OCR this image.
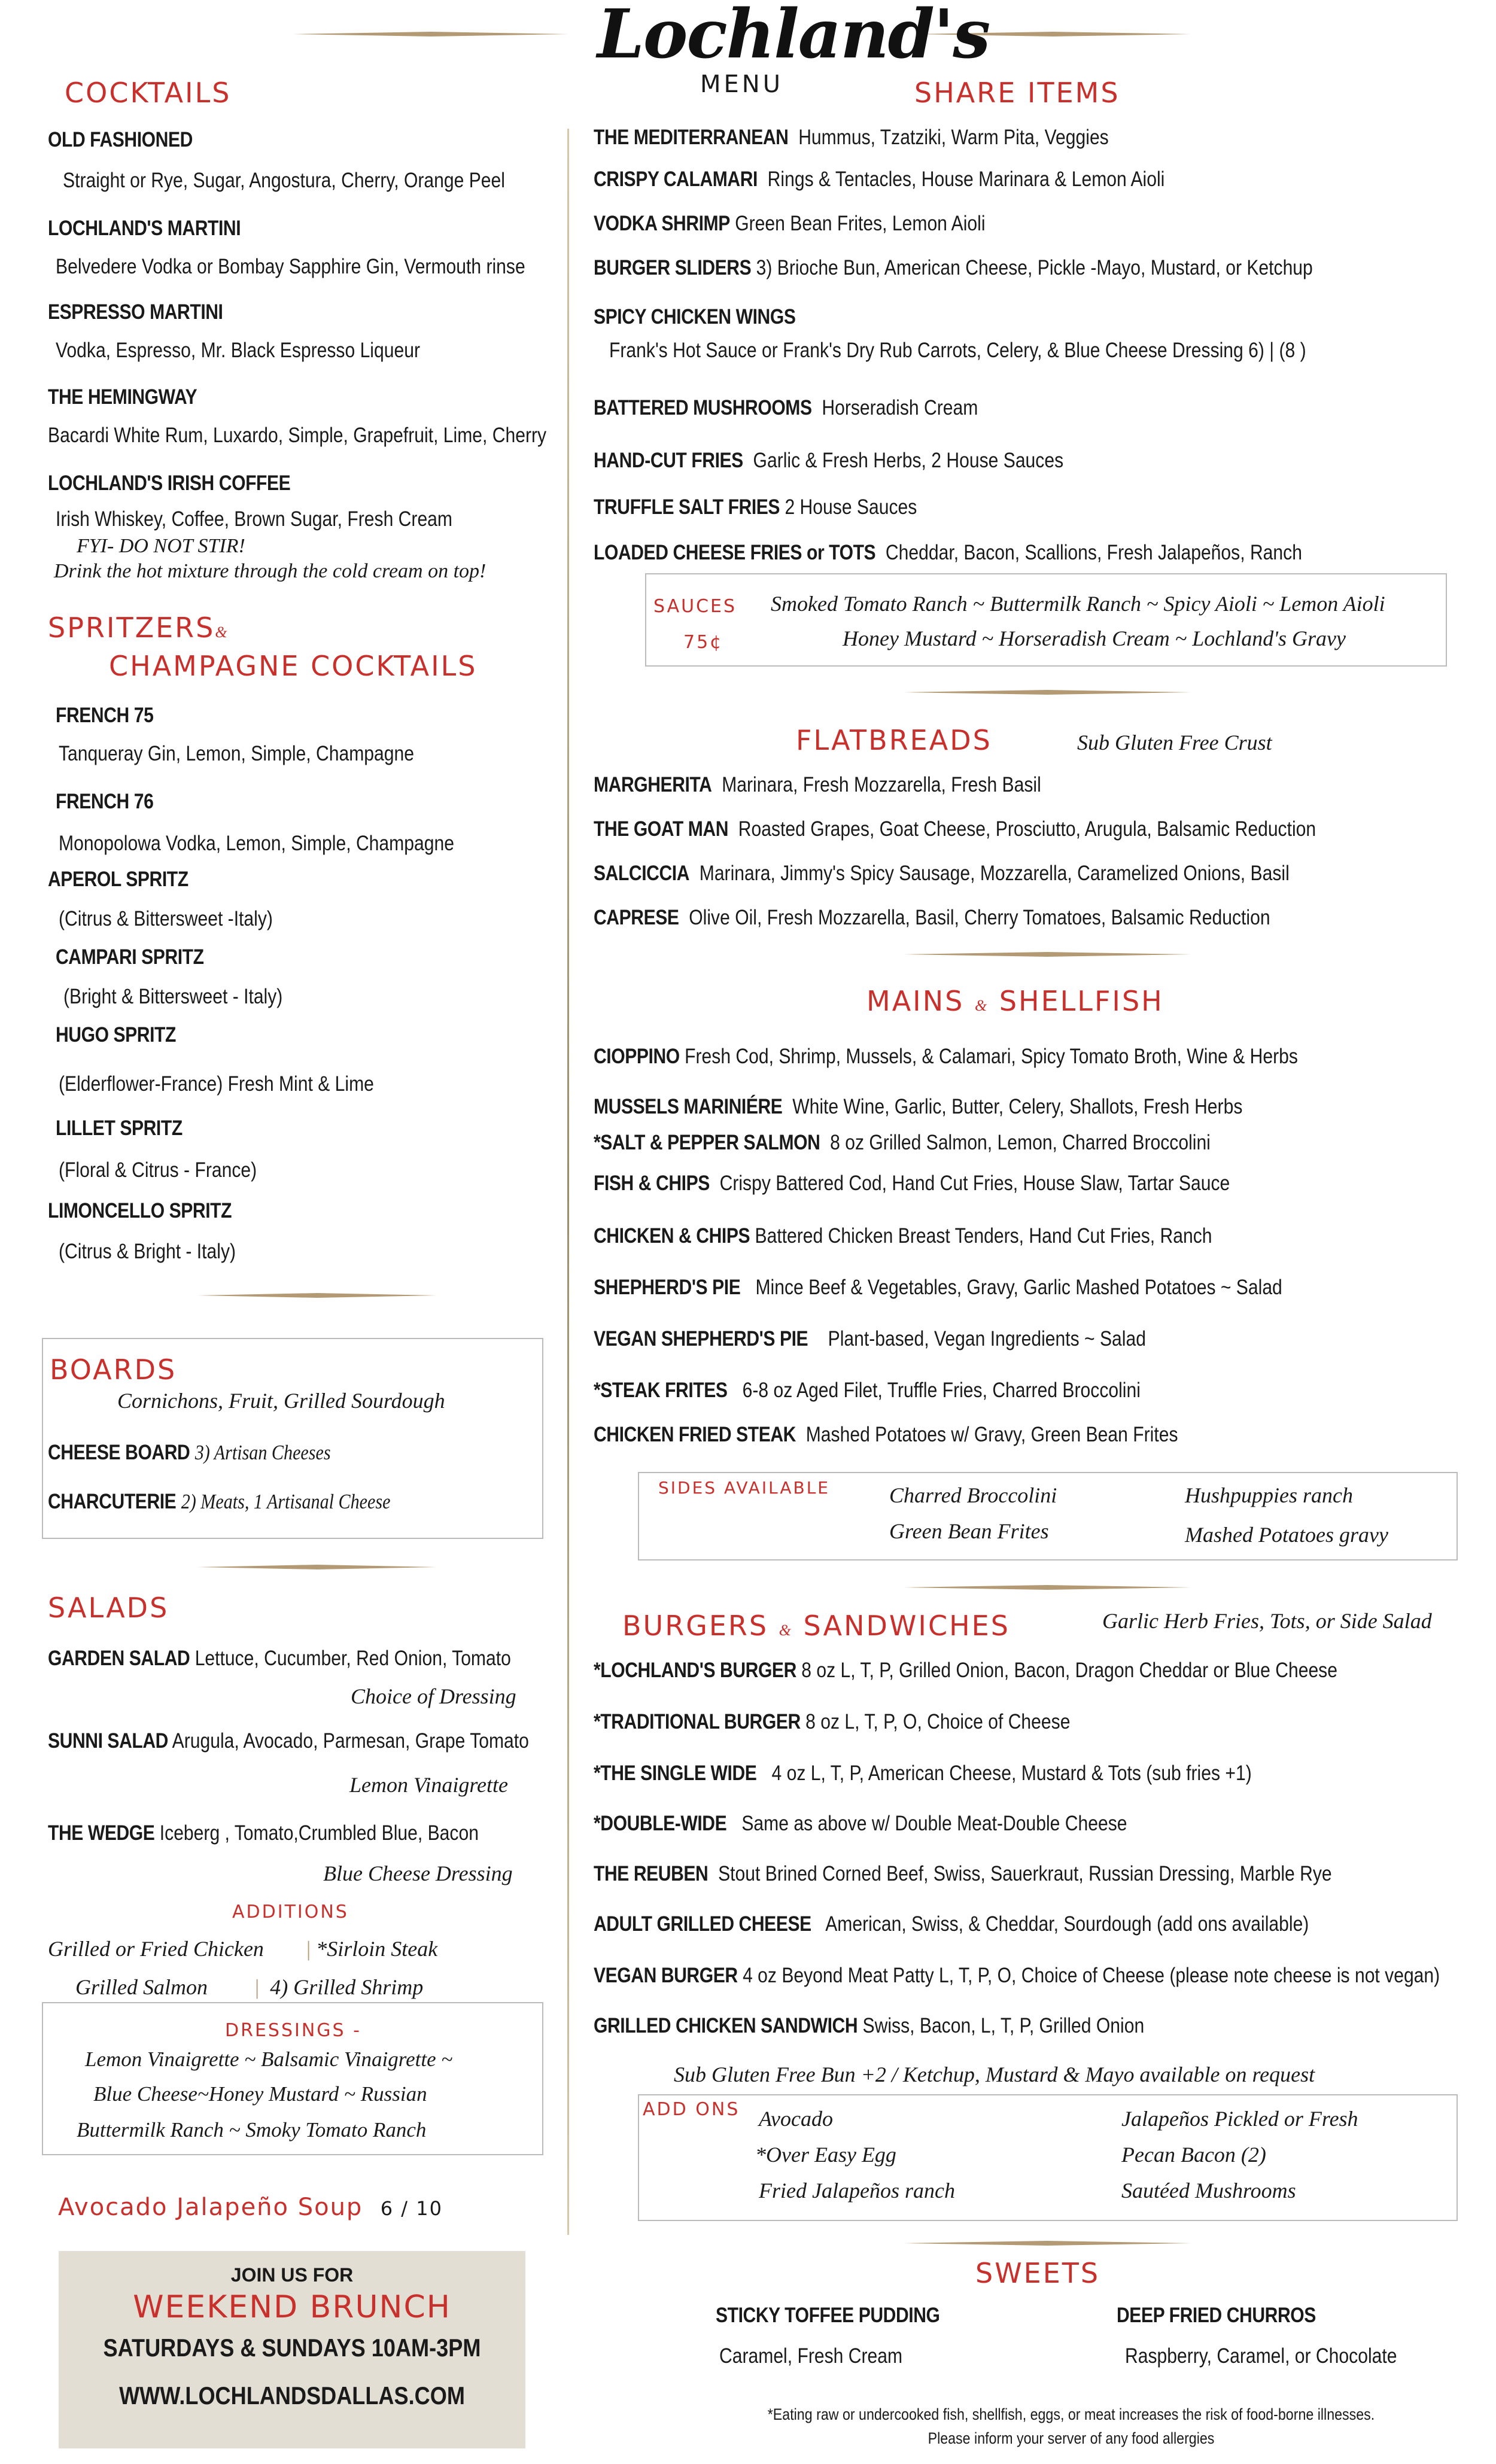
Lochland's
MENU
COCKTAILS
OLD FASHIONED
Straight or Rye, Sugar, Angostura, Cherry, Orange Peel
LOCHLAND'S MARTINI
Belvedere Vodka or Bombay Sapphire Gin, Vermouth rinse
ESPRESSO MARTINI
Vodka, Espresso, Mr. Black Espresso Liqueur
THE HEMINGWAY
Bacardi White Rum, Luxardo, Simple, Grapefruit, Lime, Cherry
LOCHLAND'S IRISH COFFEE
Irish Whiskey, Coffee, Brown Sugar, Fresh Cream
FYI- DO NOT STIR!
Drink the hot mixture through the cold cream on top!
SPRITZERS&
CHAMPAGNE COCKTAILS
FRENCH 75
Tanqueray Gin, Lemon, Simple, Champagne
FRENCH 76
Monopolowa Vodka, Lemon, Simple, Champagne
APEROL SPRITZ
(Citrus & Bittersweet -Italy)
CAMPARI SPRITZ
(Bright & Bittersweet - Italy)
HUGO SPRITZ
(Elderflower-France) Fresh Mint & Lime
LILLET SPRITZ
(Floral & Citrus - France)
LIMONCELLO SPRITZ
(Citrus & Bright - Italy)
BOARDS
Cornichons, Fruit, Grilled Sourdough
CHEESE BOARD 3) Artisan Cheeses
CHARCUTERIE 2) Meats, 1 Artisanal Cheese
SALADS
GARDEN SALAD Lettuce, Cucumber, Red Onion, Tomato
Choice of Dressing
SUNNI SALAD Arugula, Avocado, Parmesan, Grape Tomato
Lemon Vinaigrette
THE WEDGE Iceberg , Tomato,Crumbled Blue, Bacon
Blue Cheese Dressing
ADDITIONS
Grilled or Fried Chicken | *Sirloin Steak
Grilled Salmon |  4) Grilled Shrimp
DRESSINGS -
Lemon Vinaigrette ~ Balsamic Vinaigrette ~
Blue Cheese~Honey Mustard ~ Russian
Buttermilk Ranch ~ Smoky Tomato Ranch
Avocado Jalapeño Soup 6 / 10
JOIN US FOR
WEEKEND BRUNCH
SATURDAYS & SUNDAYS 10AM-3PM
WWW.LOCHLANDSDALLAS.COM
SHARE ITEMS
THE MEDITERRANEAN Hummus, Tzatziki, Warm Pita, Veggies
CRISPY CALAMARI Rings & Tentacles, House Marinara & Lemon Aioli
VODKA SHRIMP Green Bean Frites, Lemon Aioli
BURGER SLIDERS 3) Brioche Bun, American Cheese, Pickle -Mayo, Mustard, or Ketchup
SPICY CHICKEN WINGS
Frank's Hot Sauce or Frank's Dry Rub Carrots, Celery, & Blue Cheese Dressing 6) | (8 )
BATTERED MUSHROOMS Horseradish Cream
HAND-CUT FRIES Garlic & Fresh Herbs, 2 House Sauces
TRUFFLE SALT FRIES 2 House Sauces
LOADED CHEESE FRIES or TOTS Cheddar, Bacon, Scallions, Fresh Jalapeños, Ranch
SAUCES
75¢
Smoked Tomato Ranch ~ Buttermilk Ranch ~ Spicy Aioli ~ Lemon Aioli
Honey Mustard ~ Horseradish Cream ~ Lochland's Gravy
FLATBREADS	Sub Gluten Free Crust
MARGHERITA Marinara, Fresh Mozzarella, Fresh Basil
THE GOAT MAN Roasted Grapes, Goat Cheese, Prosciutto, Arugula, Balsamic Reduction
SALCICCIA Marinara, Jimmy's Spicy Sausage, Mozzarella, Caramelized Onions, Basil
CAPRESE Olive Oil, Fresh Mozzarella, Basil, Cherry Tomatoes, Balsamic Reduction
MAINS & SHELLFISH
CIOPPINO Fresh Cod, Shrimp, Mussels, & Calamari, Spicy Tomato Broth, Wine & Herbs
MUSSELS MARINIÉRE White Wine, Garlic, Butter, Celery, Shallots, Fresh Herbs
*SALT & PEPPER SALMON 8 oz Grilled Salmon, Lemon, Charred Broccolini
FISH & CHIPS Crispy Battered Cod, Hand Cut Fries, House Slaw, Tartar Sauce
CHICKEN & CHIPS Battered Chicken Breast Tenders, Hand Cut Fries, Ranch
SHEPHERD'S PIE Mince Beef & Vegetables, Gravy, Garlic Mashed Potatoes ~ Salad
VEGAN SHEPHERD'S PIE Plant-based, Vegan Ingredients ~ Salad
*STEAK FRITES 6-8 oz Aged Filet, Truffle Fries, Charred Broccolini
CHICKEN FRIED STEAK Mashed Potatoes w/ Gravy, Green Bean Frites
SIDES AVAILABLE	Charred Broccolini
Green Bean Frites
Hushpuppies ranch
Mashed Potatoes gravy
BURGERS & SANDWICHES	Garlic Herb Fries, Tots, or Side Salad
*LOCHLAND'S BURGER 8 oz L, T, P, Grilled Onion, Bacon, Dragon Cheddar or Blue Cheese
*TRADITIONAL BURGER 8 oz L, T, P, O, Choice of Cheese
*THE SINGLE WIDE 4 oz L, T, P, American Cheese, Mustard & Tots (sub fries +1)
*DOUBLE-WIDE Same as above w/ Double Meat-Double Cheese
THE REUBEN Stout Brined Corned Beef, Swiss, Sauerkraut, Russian Dressing, Marble Rye
ADULT GRILLED CHEESE American, Swiss, & Cheddar, Sourdough (add ons available)
VEGAN BURGER 4 oz Beyond Meat Patty L, T, P, O, Choice of Cheese (please note cheese is not vegan)
GRILLED CHICKEN SANDWICH Swiss, Bacon, L, T, P, Grilled Onion
Sub Gluten Free Bun +2 / Ketchup, Mustard & Mayo available on request
ADD ONS Avocado
*Over Easy Egg
Fried Jalapeños ranch
Jalapeños Pickled or Fresh
Pecan Bacon (2)
Sautéed Mushrooms
SWEETS
STICKY TOFFEE PUDDING
Caramel, Fresh Cream
DEEP FRIED CHURROS
Raspberry, Caramel, or Chocolate
*Eating raw or undercooked fish, shellfish, eggs, or meat increases the risk of food-borne illnesses.
Please inform your server of any food allergies
